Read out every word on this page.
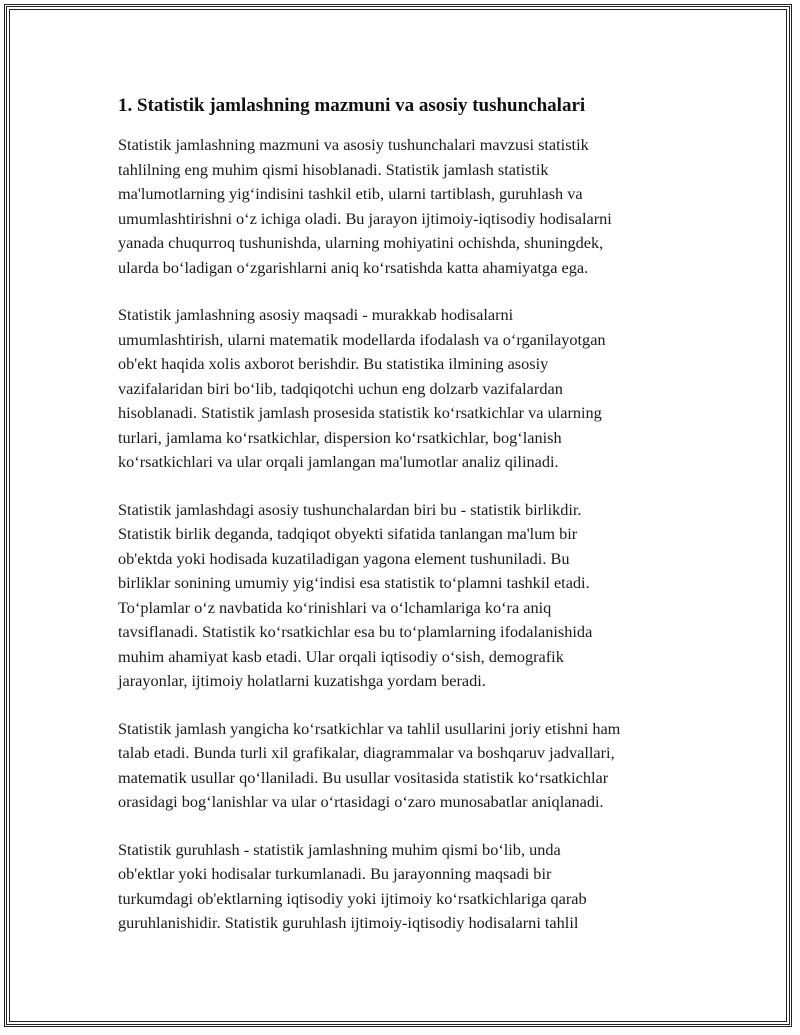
1. Statistik jamlashning mazmuni va asosiy tushunchalari

Statistik jamlashning mazmuni va asosiy tushunchalari mavzusi statistik
tahlilning eng muhim qismi hisoblanadi. Statistik jamlash statistik
ma'lumotlarning yig‘indisini tashkil etib, ularni tartiblash, guruhlash va
umumlashtirishni o‘z ichiga oladi. Bu jarayon ijtimoiy-iqtisodiy hodisalarni
yanada chuqurroq tushunishda, ularning mohiyatini ochishda, shuningdek,
ularda bo‘ladigan o‘zgarishlarni aniq ko‘rsatishda katta ahamiyatga ega.

Statistik jamlashning asosiy maqsadi - murakkab hodisalarni
umumlashtirish, ularni matematik modellarda ifodalash va o‘rganilayotgan
ob'ekt haqida xolis axborot berishdir. Bu statistika ilmining asosiy
vazifalaridan biri bo‘lib, tadqiqotchi uchun eng dolzarb vazifalardan
hisoblanadi. Statistik jamlash prosesida statistik ko‘rsatkichlar va ularning
turlari, jamlama ko‘rsatkichlar, dispersion ko‘rsatkichlar, bog‘lanish
ko‘rsatkichlari va ular orqali jamlangan ma'lumotlar analiz qilinadi.

Statistik jamlashdagi asosiy tushunchalardan biri bu - statistik birlikdir.
Statistik birlik deganda, tadqiqot obyekti sifatida tanlangan ma'lum bir
ob'ektda yoki hodisada kuzatiladigan yagona element tushuniladi. Bu
birliklar sonining umumiy yig‘indisi esa statistik to‘plamni tashkil etadi.
To‘plamlar o‘z navbatida ko‘rinishlari va o‘lchamlariga ko‘ra aniq
tavsiflanadi. Statistik ko‘rsatkichlar esa bu to‘plamlarning ifodalanishida
muhim ahamiyat kasb etadi. Ular orqali iqtisodiy o‘sish, demografik
jarayonlar, ijtimoiy holatlarni kuzatishga yordam beradi.

Statistik jamlash yangicha ko‘rsatkichlar va tahlil usullarini joriy etishni ham
talab etadi. Bunda turli xil grafikalar, diagrammalar va boshqaruv jadvallari,
matematik usullar qo‘llaniladi. Bu usullar vositasida statistik ko‘rsatkichlar
orasidagi bog‘lanishlar va ular o‘rtasidagi o‘zaro munosabatlar aniqlanadi.

Statistik guruhlash - statistik jamlashning muhim qismi bo‘lib, unda
ob'ektlar yoki hodisalar turkumlanadi. Bu jarayonning maqsadi bir
turkumdagi ob'ektlarning iqtisodiy yoki ijtimoiy ko‘rsatkichlariga qarab
guruhlanishidir. Statistik guruhlash ijtimoiy-iqtisodiy hodisalarni tahlil
